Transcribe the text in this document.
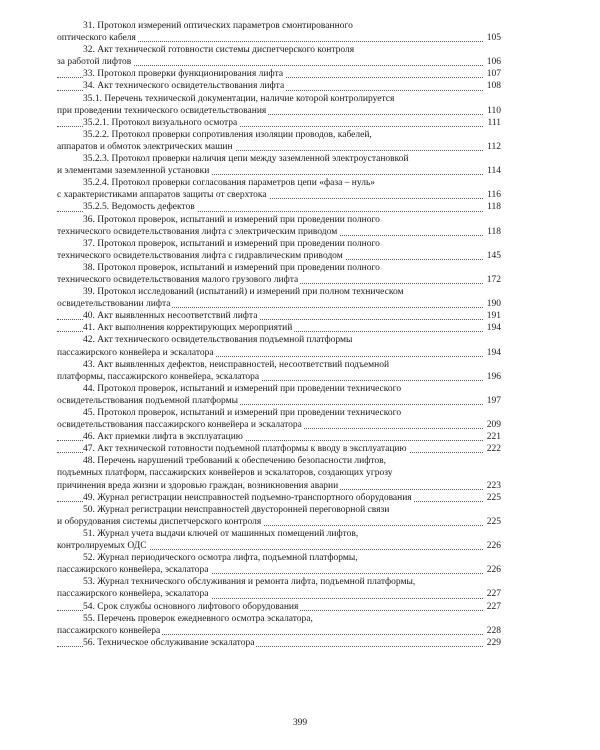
31. Протокол измерений оптических параметров смонтированного
оптического кабеля	105
32. Акт технической готовности системы диспетчерского контроля
за работой лифтов	106
33. Протокол проверки функционирования лифта	107
34. Акт технического освидетельствования лифта	108
35.1. Перечень технической документации, наличие которой контролируется
при проведении технического освидетельствования	110
35.2.1. Протокол визуального осмотра	111
35.2.2. Протокол проверки сопротивления изоляции проводов, кабелей,
аппаратов и обмоток электрических машин	112
35.2.3. Протокол проверки наличия цепи между заземленной электроустановкой
и элементами заземленной установки	114
35.2.4. Протокол проверки согласования параметров цепи «фаза – нуль»
с характеристиками аппаратов защиты от сверхтока	116
35.2.5. Ведомость дефектов	118
36. Протокол проверок, испытаний и измерений при проведении полного
технического освидетельствования лифта с электрическим приводом	118
37. Протокол проверок, испытаний и измерений при проведении полного
технического освидетельствования лифта с гидравлическим приводом	145
38. Протокол проверок, испытаний и измерений при проведении полного
технического освидетельствования малого грузового лифта	172
39. Протокол исследований (испытаний) и измерений при полном техническом
освидетельствовании лифта	190
40. Акт выявленных несоответствий лифта	191
41. Акт выполнения корректирующих мероприятий	194
42. Акт технического освидетельствования подъемной платформы
пассажирского конвейера и эскалатора	194
43. Акт выявленных дефектов, неисправностей, несоответствий подъемной
платформы, пассажирского конвейера, эскалатора	196
44. Протокол проверок, испытаний и измерений при проведении технического
освидетельствования подъемной платформы	197
45. Протокол проверок, испытаний и измерений при проведении технического
освидетельствования пассажирского конвейера и эскалатора	209
46. Акт приемки лифта в эксплуатацию	221
47. Акт технической готовности подъемной платформы к вводу в эксплуатацию	222
48. Перечень нарушений требований к обеспечению безопасности лифтов,
подъемных платформ, пассажирских конвейеров и эскалаторов, создающих угрозу
причинения вреда жизни и здоровью граждан, возникновения аварии	223
49. Журнал регистрации неисправностей подъемно-транспортного оборудования	225
50. Журнал регистрации неисправностей двусторонней переговорной связи
и оборудования системы диспетчерского контроля	225
51. Журнал учета выдачи ключей от машинных помещений лифтов,
контролируемых ОДС	226
52. Журнал периодического осмотра лифта, подъемной платформы,
пассажирского конвейера, эскалатора	226
53. Журнал технического обслуживания и ремонта лифта, подъемной платформы,
пассажирского конвейера, эскалатора	227
54. Срок службы основного лифтового оборудования	227
55. Перечень проверок ежедневного осмотра эскалатора,
пассажирского конвейера	228
56. Техническое обслуживание эскалатора	229
399
